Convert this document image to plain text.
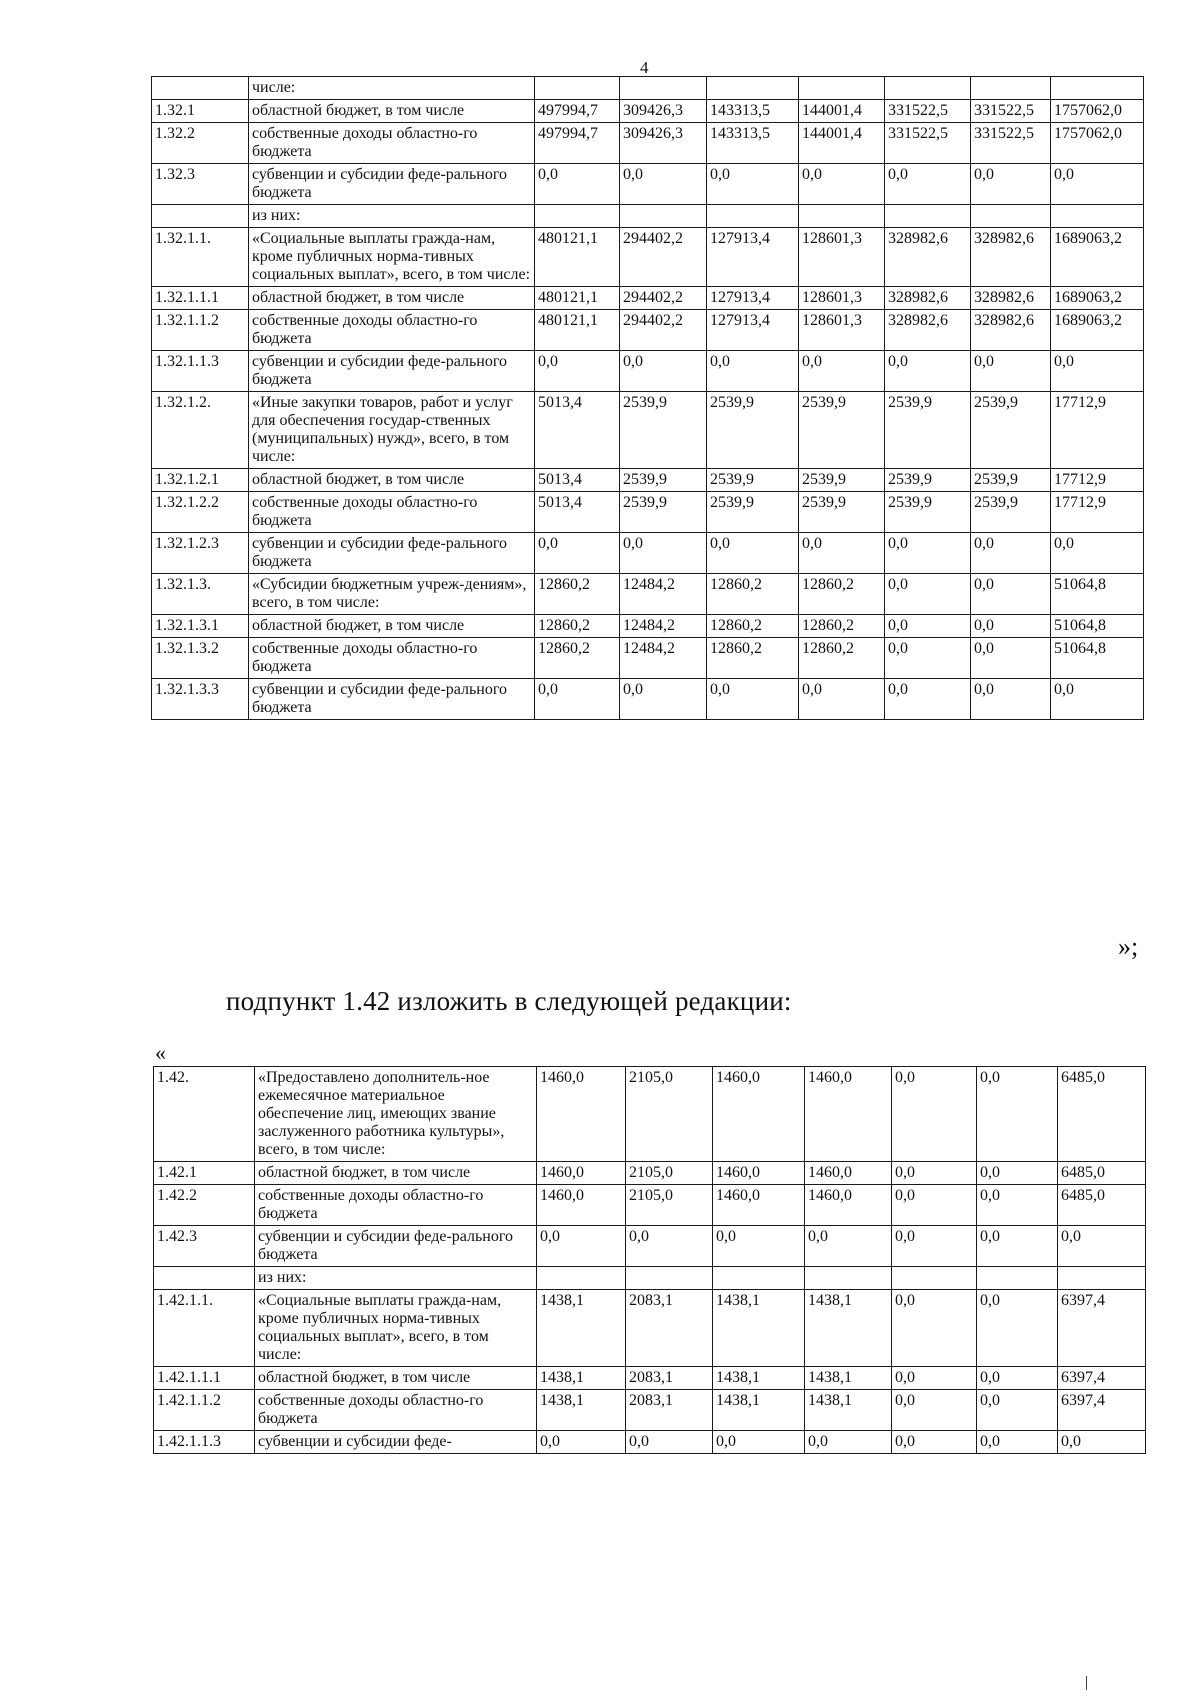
4
	числе:							
1.32.1	областной бюджет, в том числе	497994,7	309426,3	143313,5	144001,4	331522,5	331522,5	1757062,0
1.32.2	собственные доходы областно-го бюджета	497994,7	309426,3	143313,5	144001,4	331522,5	331522,5	1757062,0
1.32.3	субвенции и субсидии феде-рального бюджета	0,0	0,0	0,0	0,0	0,0	0,0	0,0
	из них:							
1.32.1.1.	«Социальные выплаты гражда-нам, кроме публичных норма-тивных социальных выплат», всего, в том числе:	480121,1	294402,2	127913,4	128601,3	328982,6	328982,6	1689063,2
1.32.1.1.1	областной бюджет, в том числе	480121,1	294402,2	127913,4	128601,3	328982,6	328982,6	1689063,2
1.32.1.1.2	собственные доходы областно-го бюджета	480121,1	294402,2	127913,4	128601,3	328982,6	328982,6	1689063,2
1.32.1.1.3	субвенции и субсидии феде-рального бюджета	0,0	0,0	0,0	0,0	0,0	0,0	0,0
1.32.1.2.	«Иные закупки товаров, работ и услуг для обеспечения государ-ственных (муниципальных) нужд», всего, в том числе:	5013,4	2539,9	2539,9	2539,9	2539,9	2539,9	17712,9
1.32.1.2.1	областной бюджет, в том числе	5013,4	2539,9	2539,9	2539,9	2539,9	2539,9	17712,9
1.32.1.2.2	собственные доходы областно-го бюджета	5013,4	2539,9	2539,9	2539,9	2539,9	2539,9	17712,9
1.32.1.2.3	субвенции и субсидии феде-рального бюджета	0,0	0,0	0,0	0,0	0,0	0,0	0,0
1.32.1.3.	«Субсидии бюджетным учреж-дениям», всего, в том числе:	12860,2	12484,2	12860,2	12860,2	0,0	0,0	51064,8
1.32.1.3.1	областной бюджет, в том числе	12860,2	12484,2	12860,2	12860,2	0,0	0,0	51064,8
1.32.1.3.2	собственные доходы областно-го бюджета	12860,2	12484,2	12860,2	12860,2	0,0	0,0	51064,8
1.32.1.3.3	субвенции и субсидии феде-рального бюджета	0,0	0,0	0,0	0,0	0,0	0,0	0,0
»;
подпункт 1.42 изложить в следующей редакции:
«
1.42.	«Предоставлено дополнитель-ное ежемесячное материальное обеспечение лиц, имеющих звание заслуженного работника культуры», всего, в том числе:	1460,0	2105,0	1460,0	1460,0	0,0	0,0	6485,0
1.42.1	областной бюджет, в том числе	1460,0	2105,0	1460,0	1460,0	0,0	0,0	6485,0
1.42.2	собственные доходы областно-го бюджета	1460,0	2105,0	1460,0	1460,0	0,0	0,0	6485,0
1.42.3	субвенции и субсидии феде-рального бюджета	0,0	0,0	0,0	0,0	0,0	0,0	0,0
	из них:							
1.42.1.1.	«Социальные выплаты гражда-нам, кроме публичных норма-тивных социальных выплат», всего, в том числе:	1438,1	2083,1	1438,1	1438,1	0,0	0,0	6397,4
1.42.1.1.1	областной бюджет, в том числе	1438,1	2083,1	1438,1	1438,1	0,0	0,0	6397,4
1.42.1.1.2	собственные доходы областно-го бюджета	1438,1	2083,1	1438,1	1438,1	0,0	0,0	6397,4
1.42.1.1.3	субвенции и субсидии феде-	0,0	0,0	0,0	0,0	0,0	0,0	0,0
